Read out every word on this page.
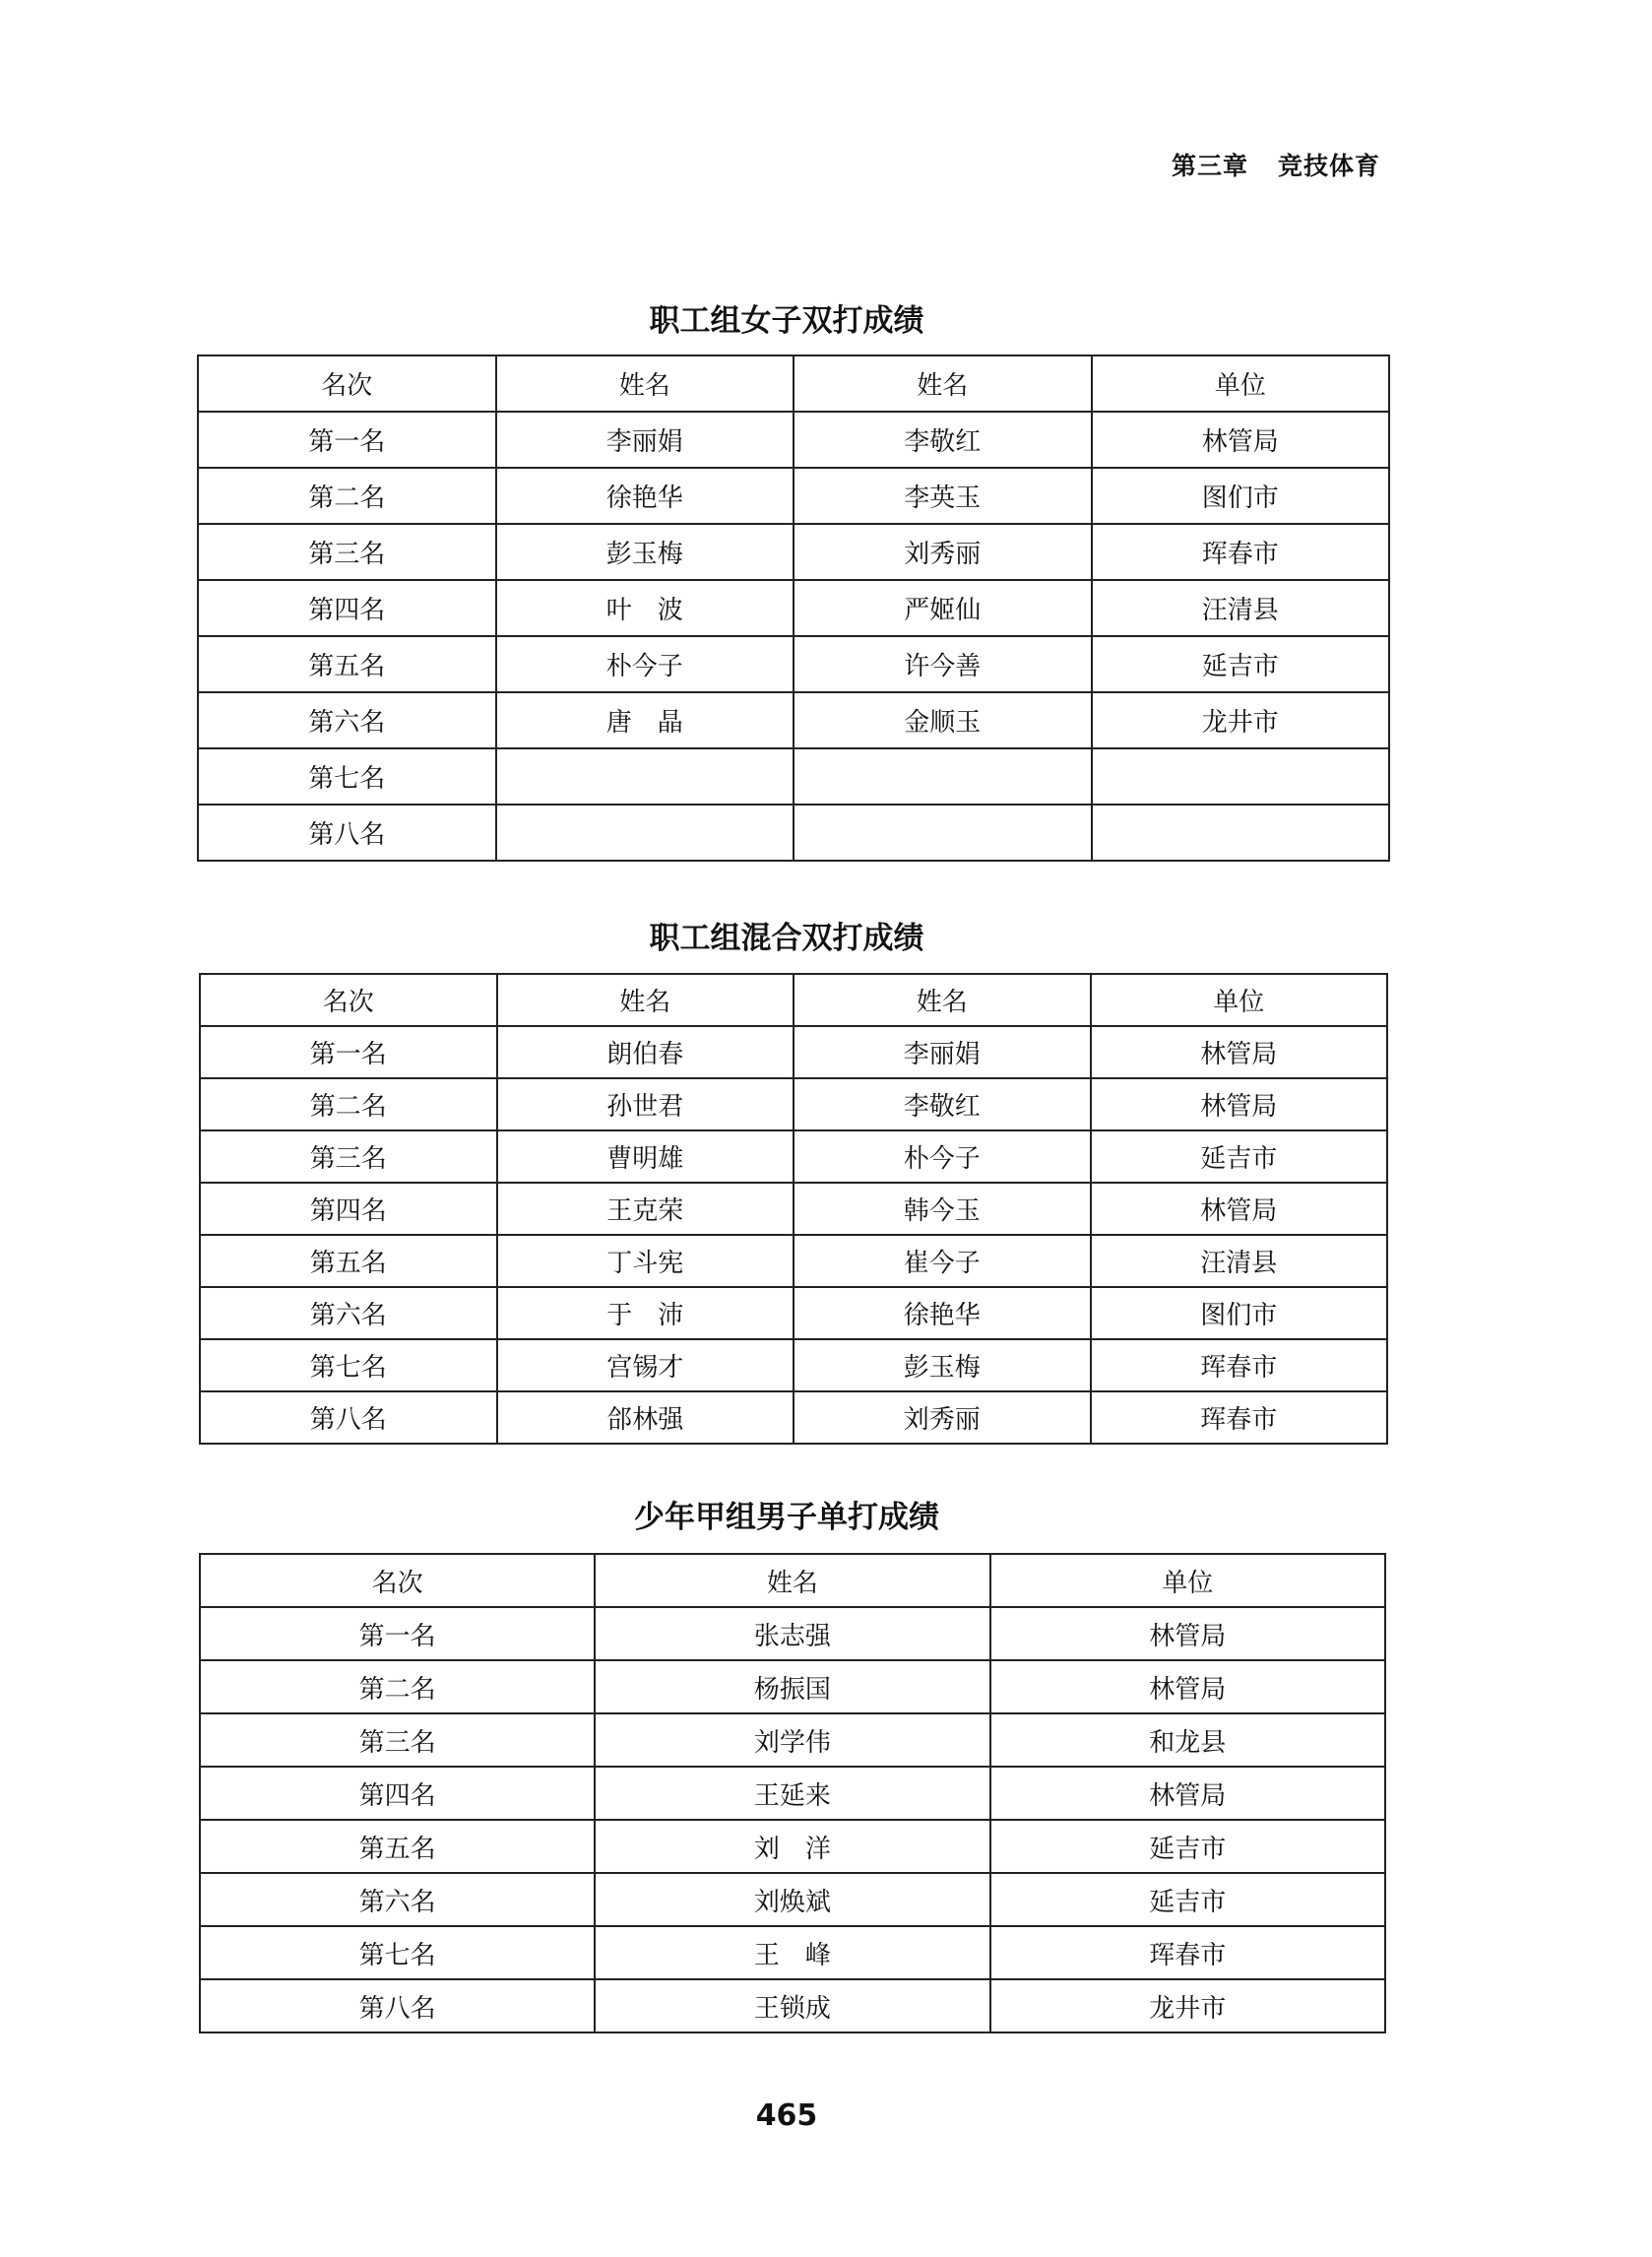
第三章 竞技体育
职工组女子双打成绩
名次	姓名	姓名	单位
第一名	李丽娟	李敬红	林管局
第二名	徐艳华	李英玉	图们市
第三名	彭玉梅	刘秀丽	珲春市
第四名	叶　波	严姬仙	汪清县
第五名	朴今子	许今善	延吉市
第六名	唐　晶	金顺玉	龙井市
第七名			
第八名			
职工组混合双打成绩
名次	姓名	姓名	单位
第一名	朗伯春	李丽娟	林管局
第二名	孙世君	李敬红	林管局
第三名	曹明雄	朴今子	延吉市
第四名	王克荣	韩今玉	林管局
第五名	丁斗宪	崔今子	汪清县
第六名	于　沛	徐艳华	图们市
第七名	宫锡才	彭玉梅	珲春市
第八名	郃林强	刘秀丽	珲春市
少年甲组男子单打成绩
名次	姓名	单位
第一名	张志强	林管局
第二名	杨振国	林管局
第三名	刘学伟	和龙县
第四名	王延来	林管局
第五名	刘　洋	延吉市
第六名	刘焕斌	延吉市
第七名	王　峰	珲春市
第八名	王锁成	龙井市
465
